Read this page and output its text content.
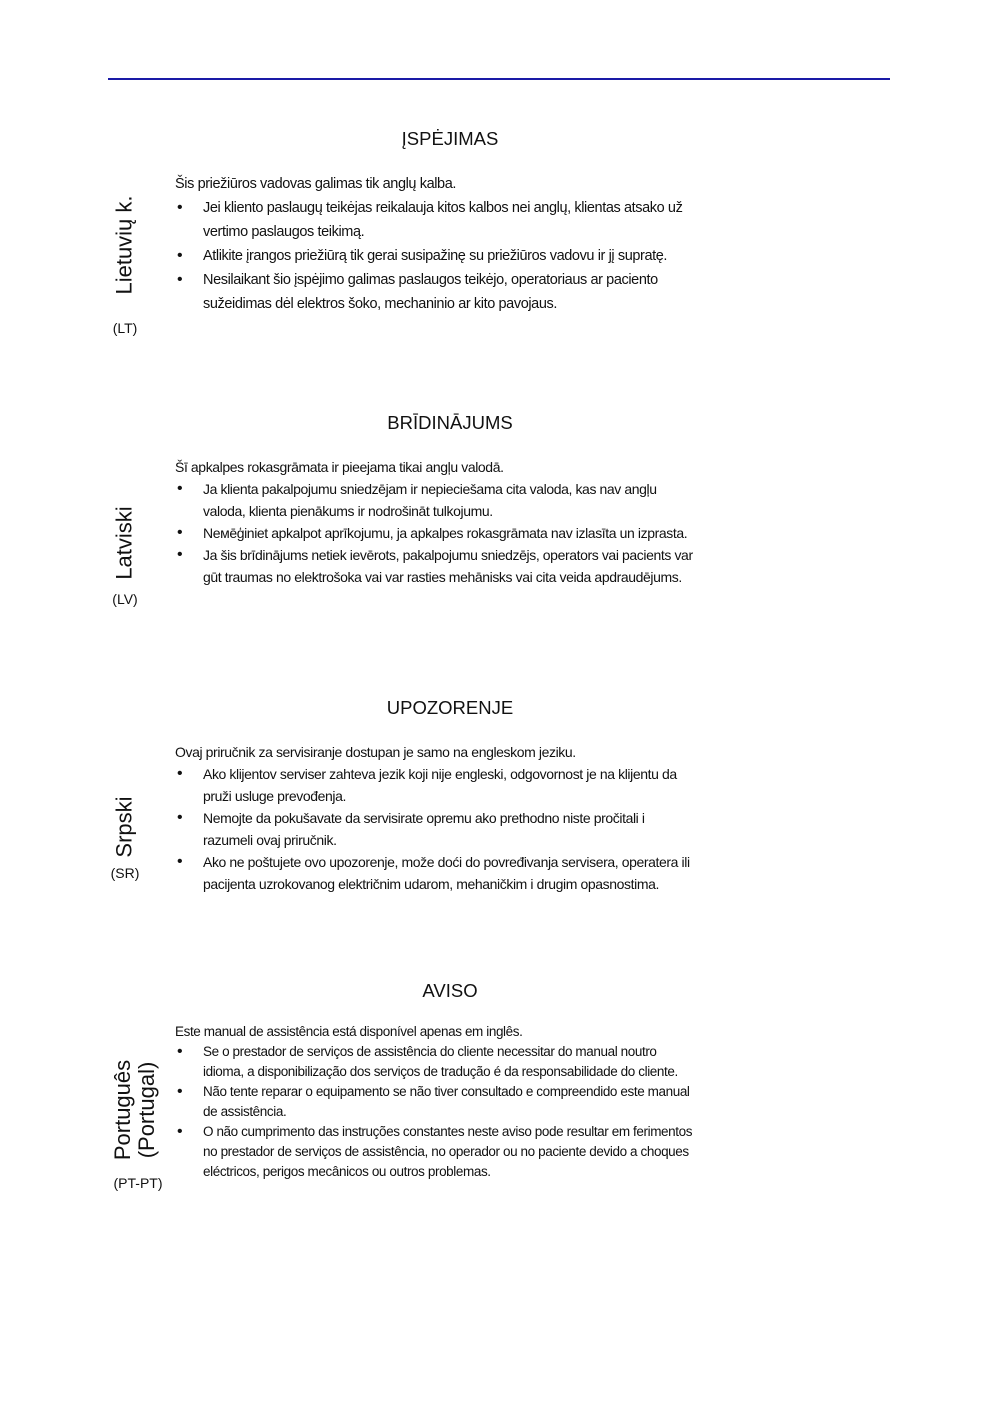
Lietuvių k.
(LT)
ĮSPĖJIMAS

Šis priežiūros vadovas galimas tik anglų kalba.

• Jei kliento paslaugų teikėjas reikalauja kitos kalbos nei anglų, klientas atsako už vertimo paslaugos teikimą.
• Atlikite įrangos priežiūrą tik gerai susipažinę su priežiūros vadovu ir jį supratę.
• Nesilaikant šio įspėjimo galimas paslaugos teikėjo, operatoriaus ar paciento sužeidimas dėl elektros šoko, mechaninio ar kito pavojaus.
Latviski
(LV)
BRĪDINĀJUMS

Šī apkalpes rokasgrāmata ir pieejama tikai angļu valodā.

• Ja klienta pakalpojumu sniedzējam ir nepieciešama cita valoda, kas nav angļu valoda, klienta pienākums ir nodrošināt tulkojumu.
• Neмēģiniet apkalpot aprīkojumu, ja apkalpes rokasgrāmata nav izlasīta un izprasta.
• Ja šis brīdinājums netiek ievērots, pakalpojumu sniedzējs, operators vai pacients var gūt traumas no elektrošoka vai var rasties mehānisks vai cita veida apdraudējums.
Srpski
(SR)
UPOZORENJE

Ovaj priručnik za servisiranje dostupan je samo na engleskom jeziku.

• Ako klijentov serviser zahteva jezik koji nije engleski, odgovornost je na klijentu da pruži usluge prevođenja.
• Nemojte da pokušavate da servisirate opremu ako prethodno niste pročitali i razumeli ovaj priručnik.
• Ako ne poštujete ovo upozorenje, može doći do povređivanja servisera, operatera ili pacijenta uzrokovanog električnim udarom, mehaničkim i drugim opasnostima.
Português
(Portugal)
(PT-PT)
AVISO

Este manual de assistência está disponível apenas em inglês.

• Se o prestador de serviços de assistência do cliente necessitar do manual noutro idioma, a disponibilização dos serviços de tradução é da responsabilidade do cliente.
• Não tente reparar o equipamento se não tiver consultado e compreendido este manual de assistência.
• O não cumprimento das instruções constantes neste aviso pode resultar em ferimentos no prestador de serviços de assistência, no operador ou no paciente devido a choques eléctricos, perigos mecânicos ou outros problemas.
